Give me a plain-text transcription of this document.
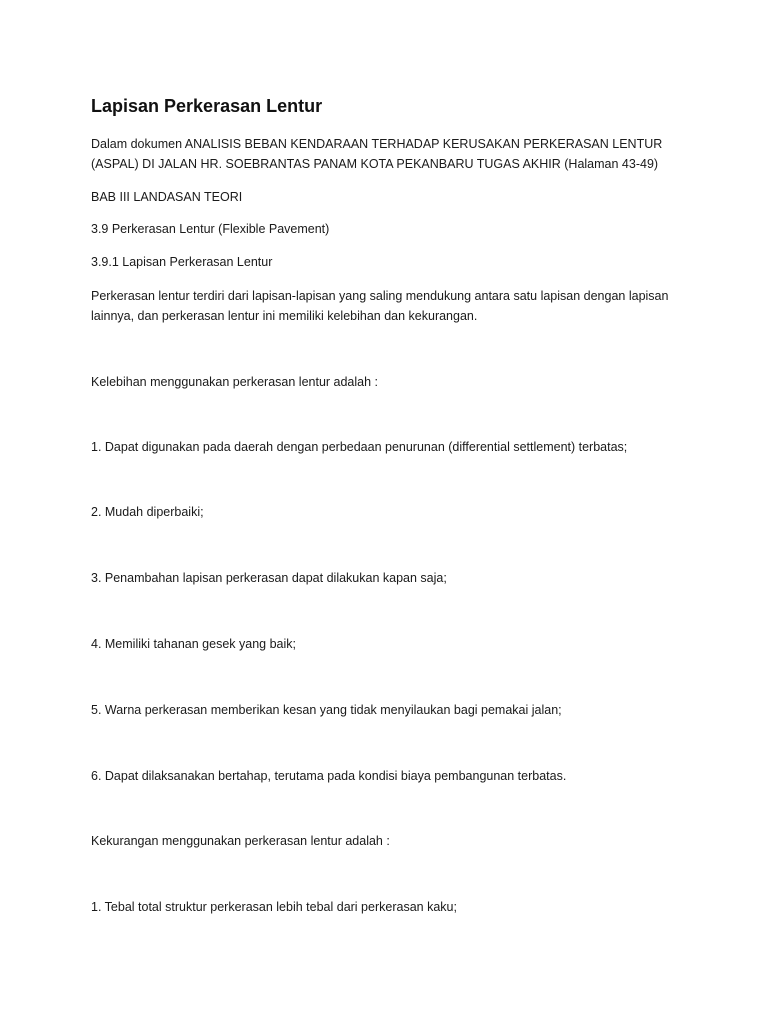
Lapisan Perkerasan Lentur

Dalam dokumen ANALISIS BEBAN KENDARAAN TERHADAP KERUSAKAN PERKERASAN LENTUR (ASPAL) DI JALAN HR. SOEBRANTAS PANAM KOTA PEKANBARU TUGAS AKHIR (Halaman 43-49)

BAB III LANDASAN TEORI

3.9 Perkerasan Lentur (Flexible Pavement)

3.9.1 Lapisan Perkerasan Lentur

Perkerasan lentur terdiri dari lapisan-lapisan yang saling mendukung antara satu lapisan dengan lapisan lainnya, dan perkerasan lentur ini memiliki kelebihan dan kekurangan.

Kelebihan menggunakan perkerasan lentur adalah :

1. Dapat digunakan pada daerah dengan perbedaan penurunan (differential settlement) terbatas;

2. Mudah diperbaiki;

3. Penambahan lapisan perkerasan dapat dilakukan kapan saja;

4. Memiliki tahanan gesek yang baik;

5. Warna perkerasan memberikan kesan yang tidak menyilaukan bagi pemakai jalan;

6. Dapat dilaksanakan bertahap, terutama pada kondisi biaya pembangunan terbatas.

Kekurangan menggunakan perkerasan lentur adalah :

1. Tebal total struktur perkerasan lebih tebal dari perkerasan kaku;
